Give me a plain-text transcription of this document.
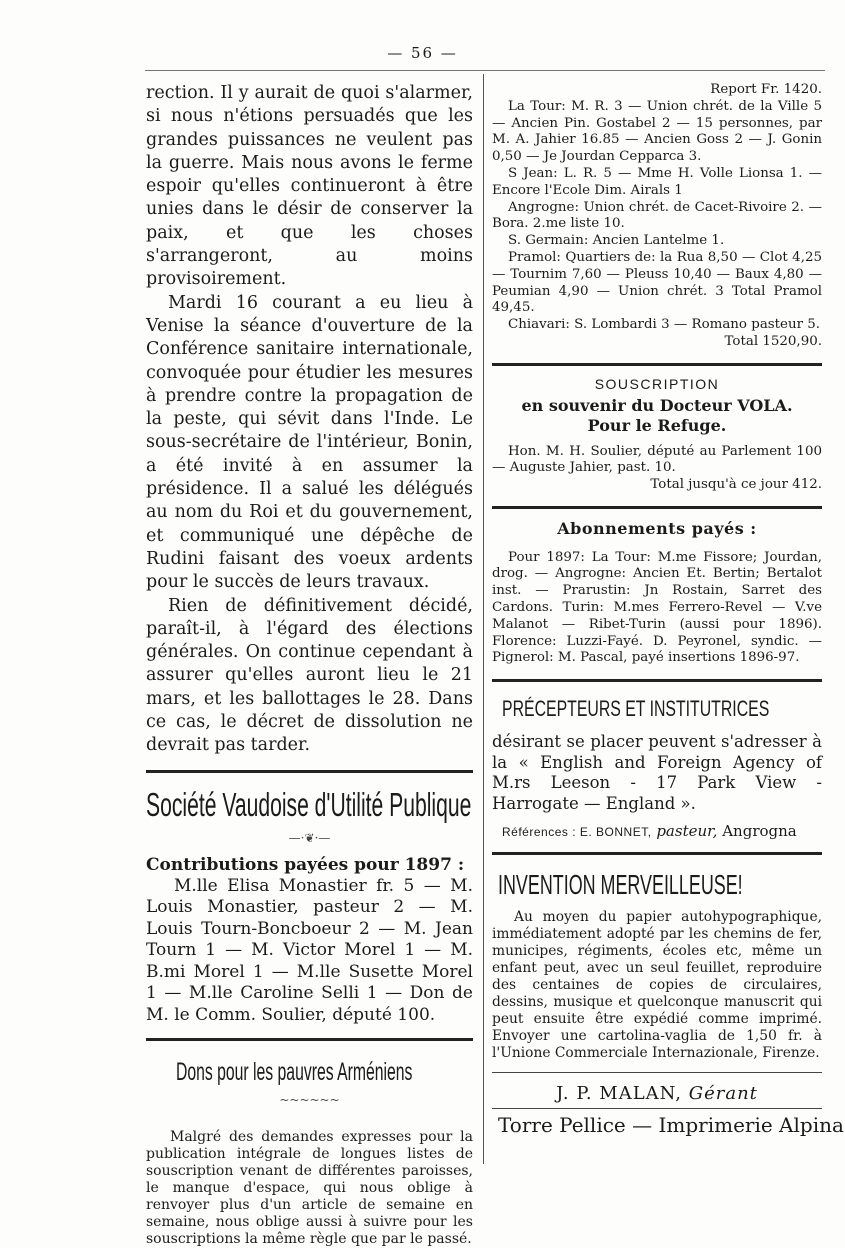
— 56 —

rection. Il y aurait de quoi s'alarmer, si nous n'étions persuadés que les grandes puissances ne veulent pas la guerre. Mais nous avons le ferme espoir qu'elles continueront à être unies dans le désir de conserver la paix, et que les choses s'arrangeront, au moins provisoirement.

Mardi 16 courant a eu lieu à Venise la séance d'ouverture de la Conférence sanitaire internationale, convoquée pour étudier les mesures à prendre contre la propagation de la peste, qui sévit dans l'Inde. Le sous-secrétaire de l'intérieur, Bonin, a été invité à en assumer la présidence. Il a salué les délégués au nom du Roi et du gouvernement, et communiqué une dépêche de Rudini faisant des voeux ardents pour le succès de leurs travaux.

Rien de définitivement décidé, paraît-il, à l'égard des élections générales. On continue cependant à assurer qu'elles auront lieu le 21 mars, et les ballottages le 28. Dans ce cas, le décret de dissolution ne devrait pas tarder.

Société Vaudoise d'Utilité Publique
—·❦·—

Contributions payées pour 1897 :

M.lle Elisa Monastier fr. 5 — M. Louis Monastier, pasteur 2 — M. Louis Tourn-Boncboeur 2 — M. Jean Tourn 1 — M. Victor Morel 1 — M. B.mi Morel 1 — M.lle Susette Morel 1 — M.lle Caroline Selli 1 — Don de M. le Comm. Soulier, député 100.

Dons pour les pauvres Arméniens
~~~~~~

Malgré des demandes expresses pour la publication intégrale de longues listes de souscription venant de différentes paroisses, le manque d'espace, qui nous oblige à renvoyer plus d'un article de semaine en semaine, nous oblige aussi à suivre pour les souscriptions la même règle que par le passé.

Report Fr. 1420.

La Tour: M. R. 3 — Union chrét. de la Ville 5 — Ancien Pin. Gostabel 2 — 15 personnes, par M. A. Jahier 16.85 — Ancien Goss 2 — J. Gonin 0,50 — Je Jourdan Cepparca 3.

S Jean: L. R. 5 — Mme H. Volle Lionsa 1. — Encore l'Ecole Dim. Airals 1

Angrogne: Union chrét. de Cacet-Rivoire 2. — Bora. 2.me liste 10.

S. Germain: Ancien Lantelme 1.

Pramol: Quartiers de: la Rua 8,50 — Clot 4,25 — Tournim 7,60 — Pleuss 10,40 — Baux 4,80 — Peumian 4,90 — Union chrét. 3 Total Pramol 49,45.

Chiavari: S. Lombardi 3 — Romano pasteur 5.

Total 1520,90.

SOUSCRIPTION

en souvenir du Docteur VOLA.

Pour le Refuge.

Hon. M. H. Soulier, député au Parlement 100 — Auguste Jahier, past. 10.

Total jusqu'à ce jour 412.

Abonnements payés :

Pour 1897: La Tour: M.me Fissore; Jourdan, drog. — Angrogne: Ancien Et. Bertin; Bertalot inst. — Prarustin: Jn Rostain, Sarret des Cardons. Turin: M.mes Ferrero-Revel — V.ve Malanot — Ribet-Turin (aussi pour 1896). Florence: Luzzi-Fayé. D. Peyronel, syndic. — Pignerol: M. Pascal, payé insertions 1896-97.

PRÉCEPTEURS ET INSTITUTRICES

désirant se placer peuvent s'adresser à la « English and Foreign Agency of M.rs Leeson - 17 Park View - Harrogate — England ».

Références : E. BONNET, pasteur, Angrogna
INVENTION MERVEILLEUSE!

Au moyen du papier autohypographique, immédiatement adopté par les chemins de fer, municipes, régiments, écoles etc, même un enfant peut, avec un seul feuillet, reproduire des centaines de copies de circulaires, dessins, musique et quelconque manuscrit qui peut ensuite être expédié comme imprimé. Envoyer une cartolina-vaglia de 1,50 fr. à l'Unione Commerciale Internazionale, Firenze.

J. P. MALAN, Gérant
Torre Pellice — Imprimerie Alpina
